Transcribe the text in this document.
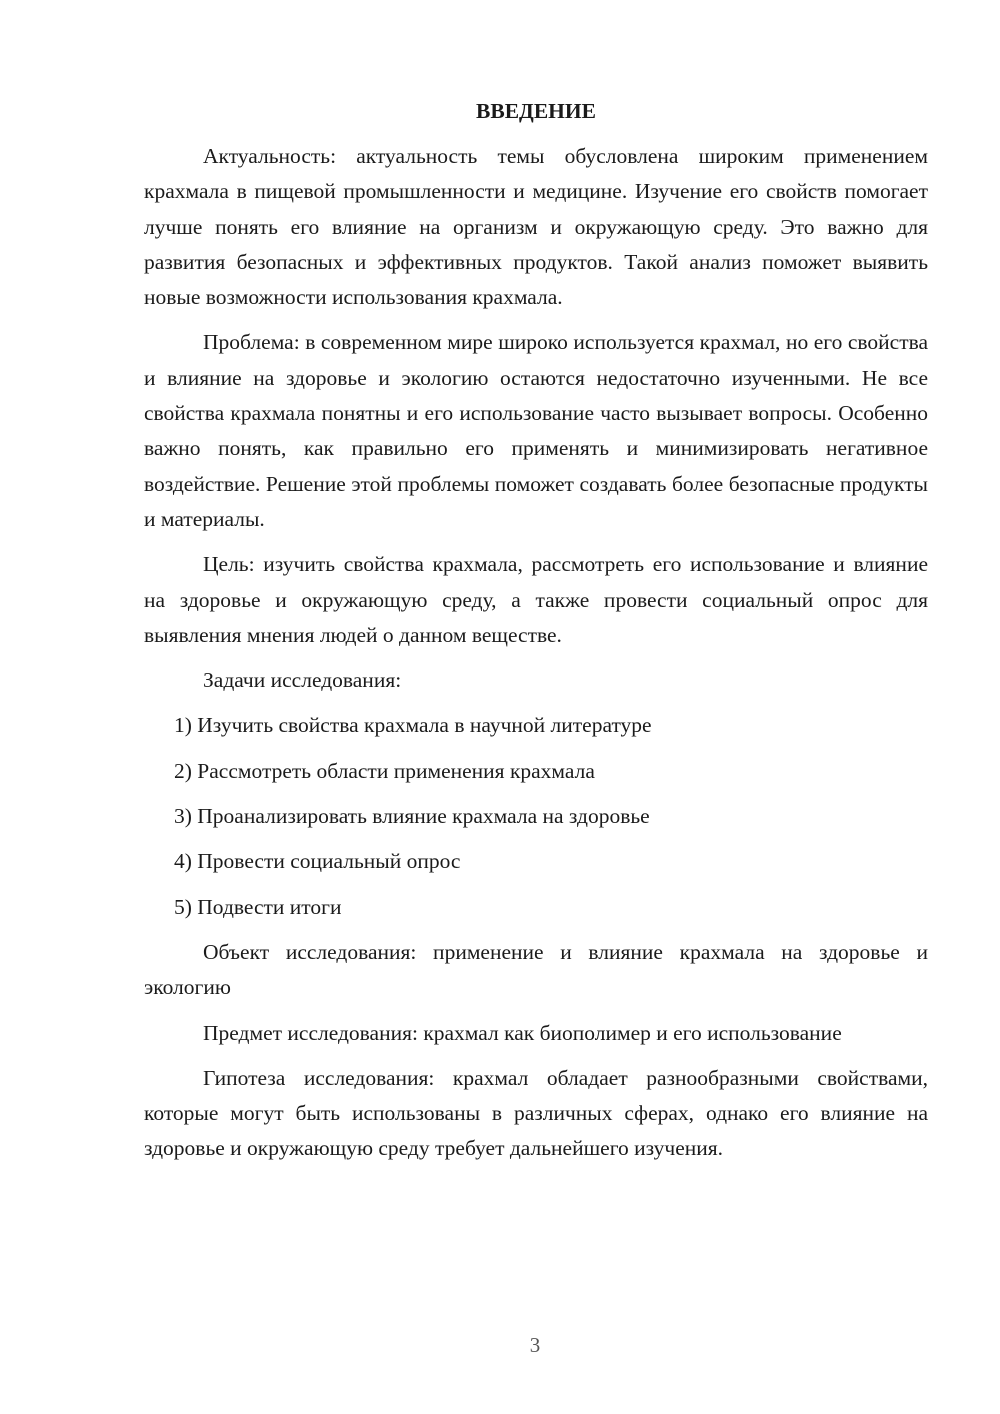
ВВЕДЕНИЕ

Актуальность: актуальность темы обусловлена широким применением крахмала в пищевой промышленности и медицине. Изучение его свойств помогает лучше понять его влияние на организм и окружающую среду. Это важно для развития безопасных и эффективных продуктов. Такой анализ поможет выявить новые возможности использования крахмала.

Проблема: в современном мире широко используется крахмал, но его свойства и влияние на здоровье и экологию остаются недостаточно изученными. Не все свойства крахмала понятны и его использование часто вызывает вопросы. Особенно важно понять, как правильно его применять и минимизировать негативное воздействие. Решение этой проблемы поможет создавать более безопасные продукты и материалы.

Цель: изучить свойства крахмала, рассмотреть его использование и влияние на здоровье и окружающую среду, а также провести социальный опрос для выявления мнения людей о данном веществе.

Задачи исследования:

1) Изучить свойства крахмала в научной литературе
2) Рассмотреть области применения крахмала
3) Проанализировать влияние крахмала на здоровье
4) Провести социальный опрос
5) Подвести итоги

Объект исследования: применение и влияние крахмала на здоровье и экологию

Предмет исследования: крахмал как биополимер и его использование

Гипотеза исследования: крахмал обладает разнообразными свойствами, которые могут быть использованы в различных сферах, однако его влияние на здоровье и окружающую среду требует дальнейшего изучения.

3
